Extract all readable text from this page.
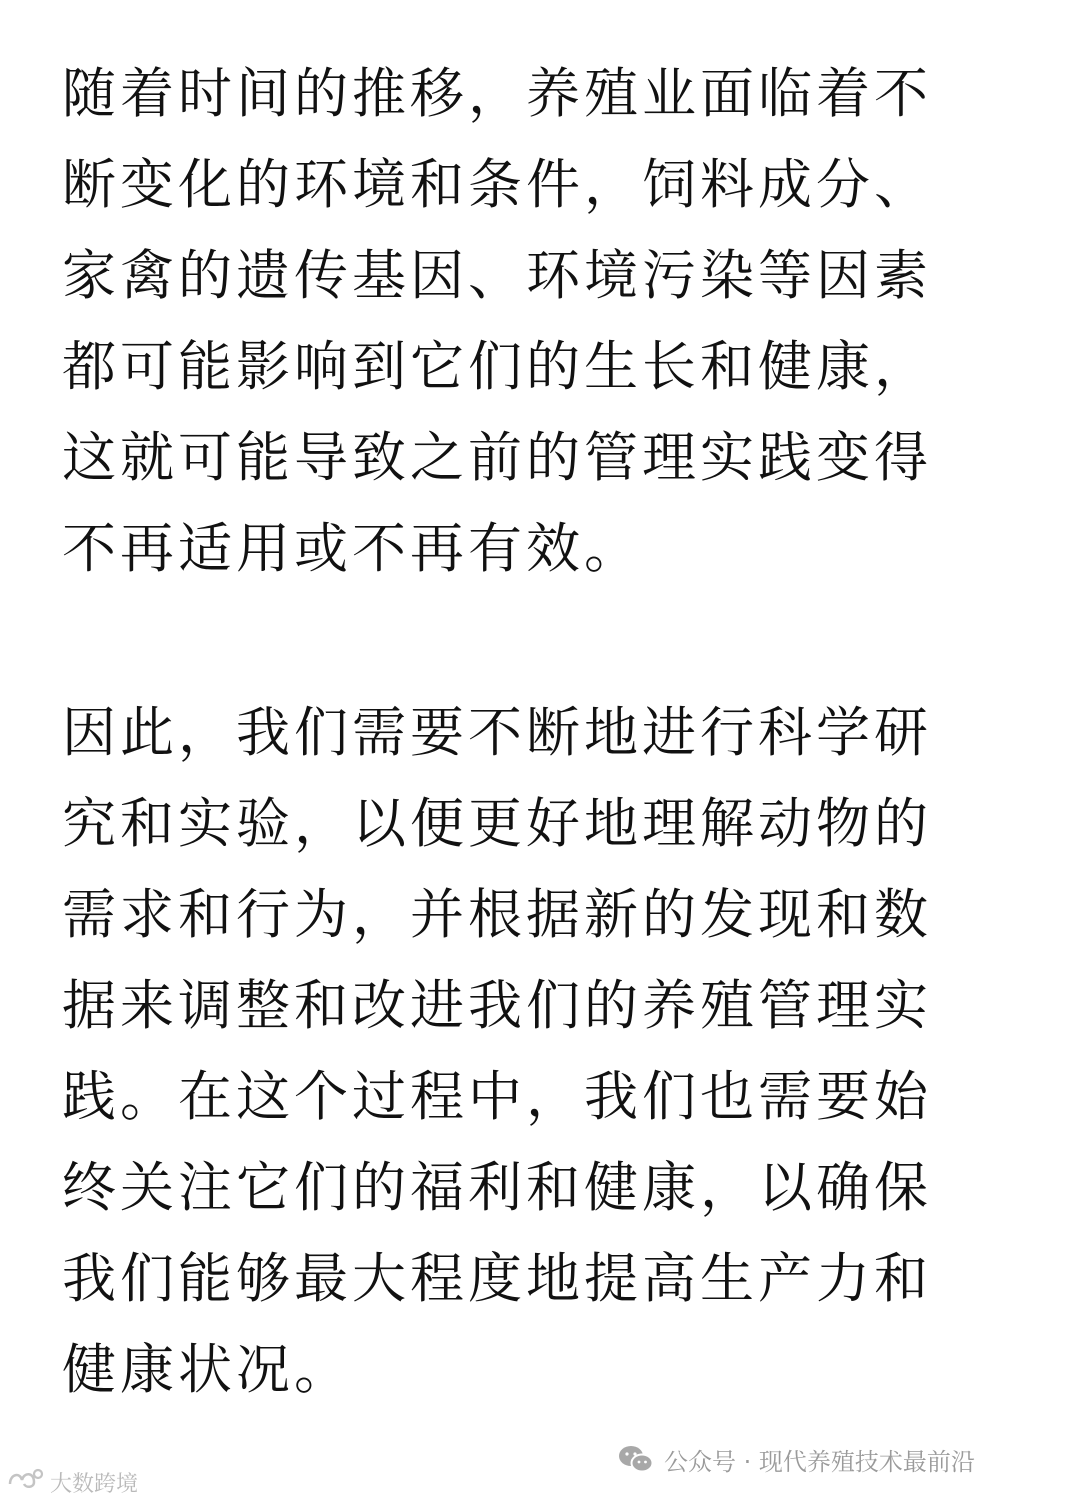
随着时间的推移，养殖业面临着不
断变化的环境和条件，饲料成分、
家禽的遗传基因、环境污染等因素
都可能影响到它们的生长和健康，
这就可能导致之前的管理实践变得
不再适用或不再有效。
因此，我们需要不断地进行科学研
究和实验，以便更好地理解动物的
需求和行为，并根据新的发现和数
据来调整和改进我们的养殖管理实
践。在这个过程中，我们也需要始
终关注它们的福利和健康，以确保
我们能够最大程度地提高生产力和
健康状况。
大数跨境
公众号 · 现代养殖技术最前沿
